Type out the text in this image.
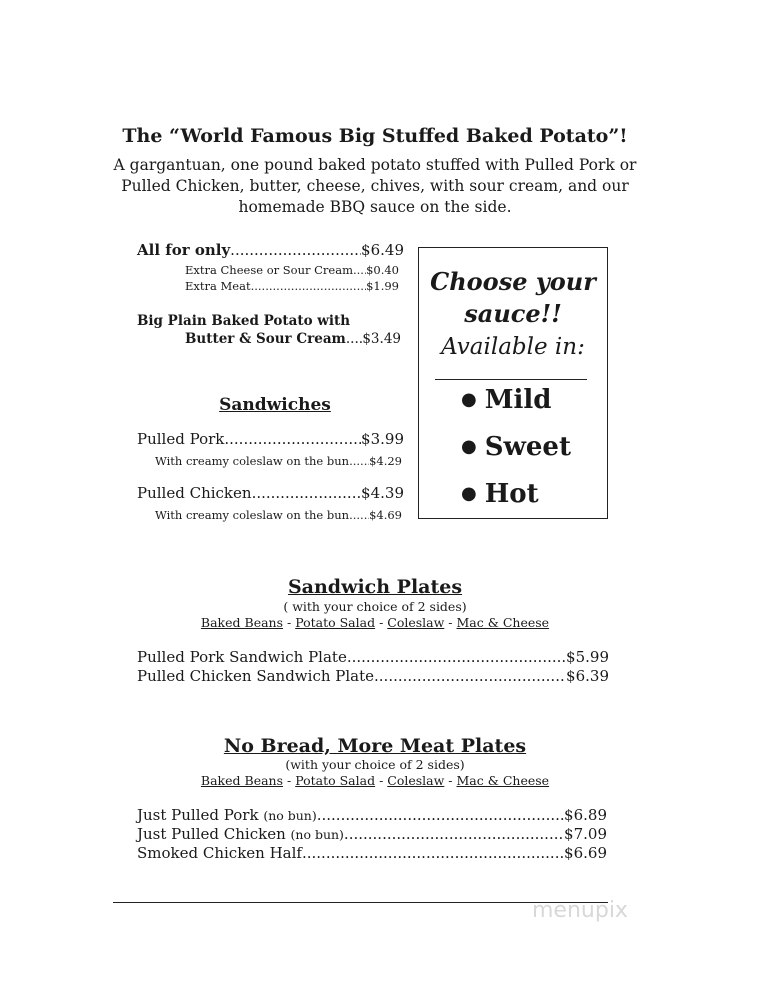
The “World Famous Big Stuffed Baked Potato”!
A gargantuan, one pound baked potato stuffed with Pulled Pork or Pulled Chicken, butter, cheese, chives, with sour cream, and our homemade BBQ sauce on the side.
All for only .....	$6.49
Extra Cheese or Sour Cream ..... $0.40
Extra Meat .....	$1.99
Big Plain Baked Potato with
Butter & Sour Cream ..... $3.49
Sandwiches
Pulled Pork .....	$3.99
With creamy coleslaw on the bun ..... $4.29
Pulled Chicken .....	$4.39
With creamy coleslaw on the bun ..... $4.69
Choose your
sauce!!
Available in:
● Mild
● Sweet
● Hot
Sandwich Plates
( with your choice of 2 sides)
Baked Beans - Potato Salad - Coleslaw - Mac & Cheese
Pulled Pork Sandwich Plate .....	$5.99
Pulled Chicken Sandwich Plate .....	$6.39
No Bread, More Meat Plates
(with your choice of 2 sides)
Baked Beans - Potato Salad - Coleslaw - Mac & Cheese
Just Pulled Pork
(no bun) .....	$6.89
Just Pulled Chicken
(no bun) .....	$7.09
Smoked Chicken Half .....	$6.69
menupix
